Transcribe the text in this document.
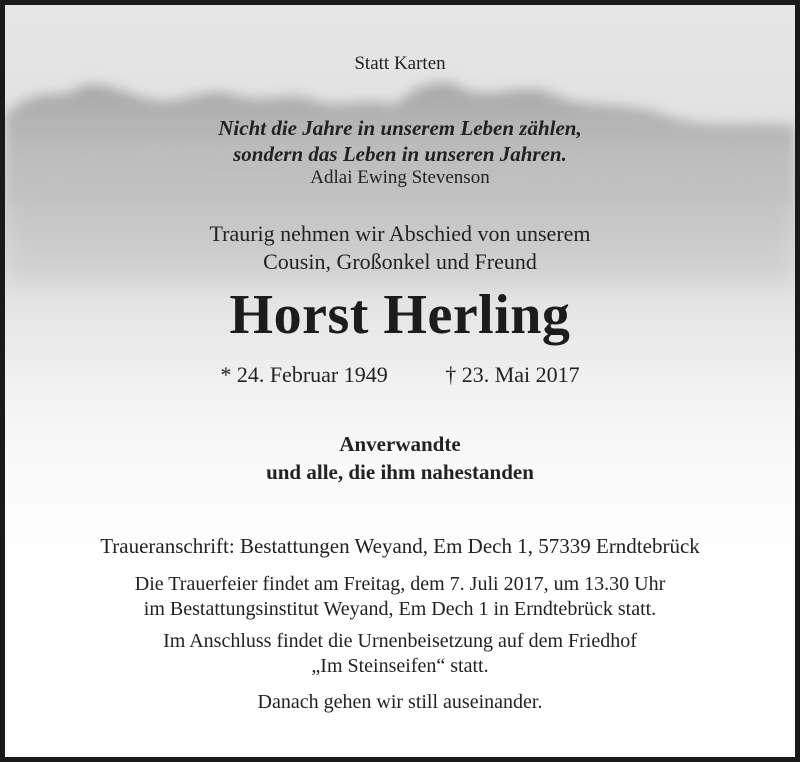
Statt Karten
Nicht die Jahre in unserem Leben zählen,
sondern das Leben in unseren Jahren.
Adlai Ewing Stevenson
Traurig nehmen wir Abschied von unserem
Cousin, Großonkel und Freund
Horst Herling
* 24. Februar 1949	† 23. Mai 2017
Anverwandte
und alle, die ihm nahestanden
Traueranschrift: Bestattungen Weyand, Em Dech 1, 57339 Erndtebrück
Die Trauerfeier findet am Freitag, dem 7. Juli 2017, um 13.30 Uhr
im Bestattungsinstitut Weyand, Em Dech 1 in Erndtebrück statt.
Im Anschluss findet die Urnenbeisetzung auf dem Friedhof
„Im Steinseifen“ statt.
Danach gehen wir still auseinander.
